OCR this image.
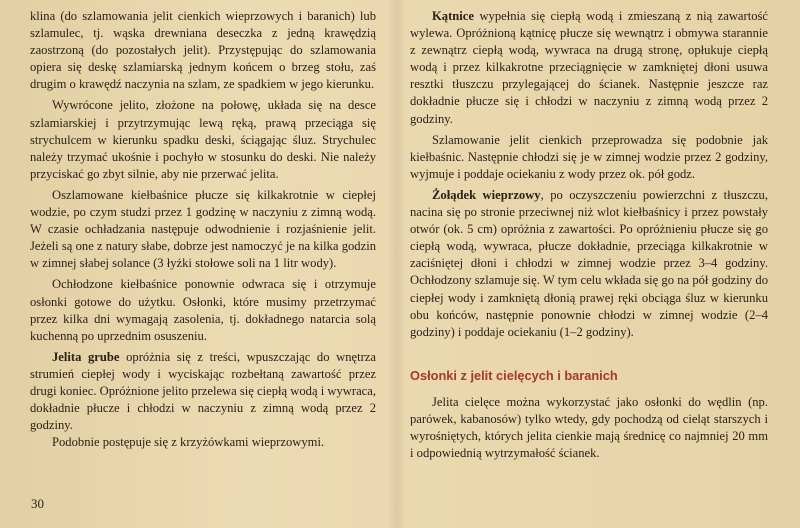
klina (do szlamowania jelit cienkich wieprzowych i baranich) lub szlamulec, tj. wąska drewniana deseczka z jedną krawędzią zaostrzoną (do pozostałych jelit). Przystępując do szlamowania opiera się deskę szlamiarską jednym końcem o brzeg stołu, zaś drugim o krawędź naczynia na szlam, ze spadkiem w jego kierunku.

Wywrócone jelito, złożone na połowę, układa się na desce szlamiarskiej i przytrzymując lewą ręką, prawą przeciąga się strychulcem w kierunku spadku deski, ściągając śluz. Strychulec należy trzymać ukośnie i pochyło w stosunku do deski. Nie należy przyciskać go zbyt silnie, aby nie przerwać jelita.

Oszlamowane kiełbaśnice płucze się kilkakrotnie w ciepłej wodzie, po czym studzi przez 1 godzinę w naczyniu z zimną wodą. W czasie ochładzania następuje odwodnienie i rozjaśnienie jelit. Jeżeli są one z natury słabe, dobrze jest namoczyć je na kilka godzin w zimnej słabej solance (3 łyżki stołowe soli na 1 litr wody).

Ochłodzone kiełbaśnice ponownie odwraca się i otrzymuje osłonki gotowe do użytku. Osłonki, które musimy przetrzymać przez kilka dni wymagają zasolenia, tj. dokładnego natarcia solą kuchenną po uprzednim osuszeniu.

Jelita grube opróżnia się z treści, wpuszczając do wnętrza strumień ciepłej wody i wyciskając rozbełtaną zawartość przez drugi koniec. Opróżnione jelito przelewa się ciepłą wodą i wywraca, dokładnie płucze i chłodzi w naczyniu z zimną wodą przez 2 godziny.

Podobnie postępuje się z krzyżówkami wieprzowymi.

Kątnice wypełnia się ciepłą wodą i zmieszaną z nią zawartość wylewa. Opróżnioną kątnicę płucze się wewnątrz i obmywa starannie z zewnątrz ciepłą wodą, wywraca na drugą stronę, opłukuje ciepłą wodą i przez kilkakrotne przeciągnięcie w zamkniętej dłoni usuwa resztki tłuszczu przylegającej do ścianek. Następnie jeszcze raz dokładnie płucze się i chłodzi w naczyniu z zimną wodą przez 2 godziny.

Szlamowanie jelit cienkich przeprowadza się podobnie jak kiełbaśnic. Następnie chłodzi się je w zimnej wodzie przez 2 godziny, wyjmuje i poddaje ociekaniu z wody przez ok. pół godz.

Żołądek wieprzowy, po oczyszczeniu powierzchni z tłuszczu, nacina się po stronie przeciwnej niż wlot kiełbaśnicy i przez powstały otwór (ok. 5 cm) opróżnia z zawartości. Po opróżnieniu płucze się go ciepłą wodą, wywraca, płucze dokładnie, przeciąga kilkakrotnie w zaciśniętej dłoni i chłodzi w zimnej wodzie przez 3–4 godziny. Ochłodzony szlamuje się. W tym celu wkłada się go na pół godziny do ciepłej wody i zamkniętą dłonią prawej ręki obciąga śluz w kierunku obu końców, następnie ponownie chłodzi w zimnej wodzie (2–4 godziny) i poddaje ociekaniu (1–2 godziny).

Osłonki z jelit cielęcych i baranich

Jelita cielęce można wykorzystać jako osłonki do wędlin (np. parówek, kabanosów) tylko wtedy, gdy pochodzą od cieląt starszych i wyrośniętych, których jelita cienkie mają średnicę co najmniej 20 mm i odpowiednią wytrzymałość ścianek.

30
